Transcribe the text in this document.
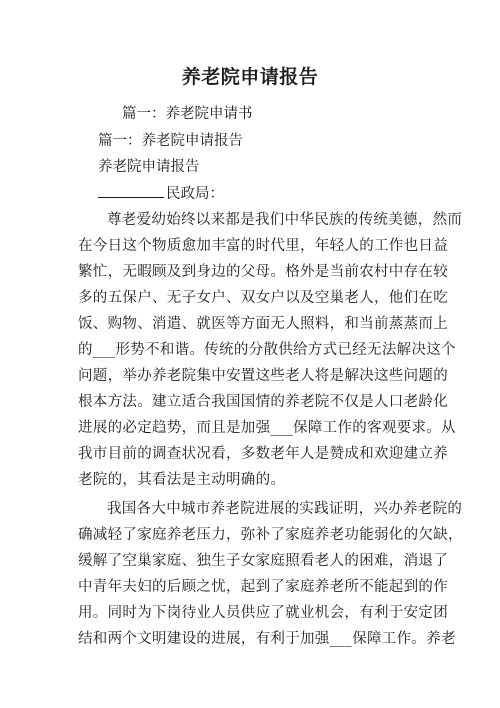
养老院申请报告
篇一：养老院申请书
篇一：养老院申请报告
养老院申请报告
民政局：
尊老爱幼始终以来都是我们中华民族的传统美德，然而
在今日这个物质愈加丰富的时代里，年轻人的工作也日益
繁忙，无暇顾及到身边的父母。格外是当前农村中存在较
多的五保户、无子女户、双女户以及空巢老人，他们在吃
饭、购物、消遣、就医等方面无人照料，和当前蒸蒸而上
的___形势不和谐。传统的分散供给方式已经无法解决这个
问题，举办养老院集中安置这些老人将是解决这些问题的
根本方法。建立适合我国国情的养老院不仅是人口老龄化
进展的必定趋势，而且是加强___保障工作的客观要求。从
我市目前的调查状况看，多数老年人是赞成和欢迎建立养
老院的，其看法是主动明确的。
我国各大中城市养老院进展的实践证明，兴办养老院的
确减轻了家庭养老压力，弥补了家庭养老功能弱化的欠缺，
缓解了空巢家庭、独生子女家庭照看老人的困难，消退了
中青年夫妇的后顾之忧，起到了家庭养老所不能起到的作
用。同时为下岗待业人员供应了就业机会，有利于安定团
结和两个文明建设的进展，有利于加强___保障工作。养老
